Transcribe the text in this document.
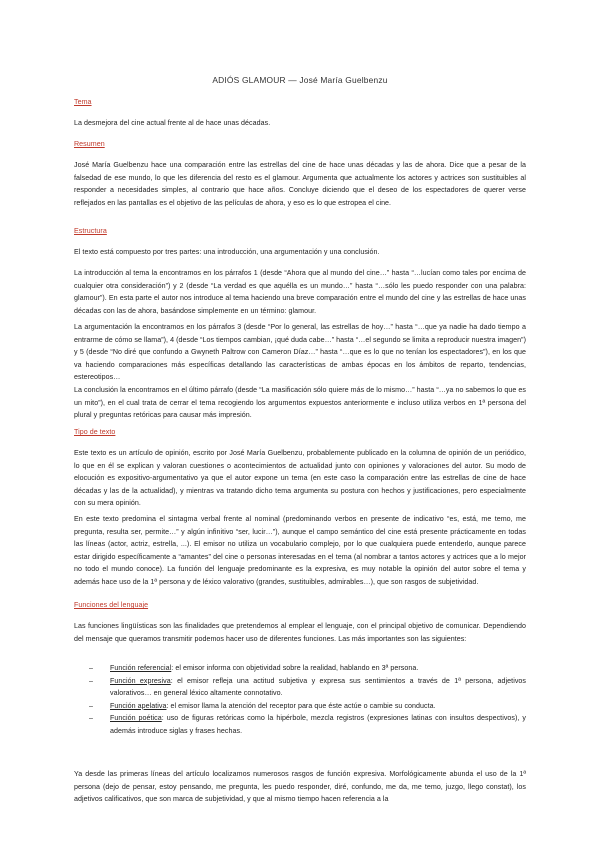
ADIÓS GLAMOUR — José María Guelbenzu
Tema

La desmejora del cine actual frente al de hace unas décadas.

Resumen

José María Guelbenzu hace una comparación entre las estrellas del cine de hace unas décadas y las de ahora. Dice que a pesar de la falsedad de ese mundo, lo que les diferencia del resto es el glamour. Argumenta que actualmente los actores y actrices son sustituibles al responder a necesidades simples, al contrario que hace años. Concluye diciendo que el deseo de los espectadores de querer verse reflejados en las pantallas es el objetivo de las películas de ahora, y eso es lo que estropea el cine.

Estructura

El texto está compuesto por tres partes: una introducción, una argumentación y una conclusión.

La introducción al tema la encontramos en los párrafos 1 (desde “Ahora que al mundo del cine…” hasta “…lucían como tales por encima de cualquier otra consideración”) y 2 (desde “La verdad es que aquélla es un mundo…” hasta “…sólo les puedo responder con una palabra: glamour”). En esta parte el autor nos introduce al tema haciendo una breve comparación entre el mundo del cine y las estrellas de hace unas décadas con las de ahora, basándose simplemente en un término: glamour.

La argumentación la encontramos en los párrafos 3 (desde “Por lo general, las estrellas de hoy…” hasta “…que ya nadie ha dado tiempo a entrarme de cómo se llama”), 4 (desde “Los tiempos cambian, ¡qué duda cabe…” hasta “…el segundo se limita a reproducir nuestra imagen”) y 5 (desde “No diré que confundo a Gwyneth Paltrow con Cameron Díaz…” hasta “…que es lo que no tenían los espectadores”), en los que va haciendo comparaciones más específicas detallando las características de ambas épocas en los ámbitos de reparto, tendencias, estereotipos…

La conclusión la encontramos en el último párrafo (desde “La masificación sólo quiere más de lo mismo…” hasta “…ya no sabemos lo que es un mito”), en el cual trata de cerrar el tema recogiendo los argumentos expuestos anteriormente e incluso utiliza verbos en 1ª persona del plural y preguntas retóricas para causar más impresión.

Tipo de texto

Este texto es un artículo de opinión, escrito por José María Guelbenzu, probablemente publicado en la columna de opinión de un periódico, lo que en él se explican y valoran cuestiones o acontecimientos de actualidad junto con opiniones y valoraciones del autor. Su modo de elocución es expositivo-argumentativo ya que el autor expone un tema (en este caso la comparación entre las estrellas de cine de hace décadas y las de la actualidad), y mientras va tratando dicho tema argumenta su postura con hechos y justificaciones, pero especialmente con su mera opinión.

En este texto predomina el sintagma verbal frente al nominal (predominando verbos en presente de indicativo “es, está, me temo, me pregunta, resulta ser, permite…” y algún infinitivo “ser, lucir…”), aunque el campo semántico del cine está presente prácticamente en todas las líneas (actor, actriz, estrella, ...). El emisor no utiliza un vocabulario complejo, por lo que cualquiera puede entenderlo, aunque parece estar dirigido específicamente a “amantes” del cine o personas interesadas en el tema (al nombrar a tantos actores y actrices que a lo mejor no todo el mundo conoce). La función del lenguaje predominante es la expresiva, es muy notable la opinión del autor sobre el tema y además hace uso de la 1ª persona y de léxico valorativo (grandes, sustituibles, admirables…), que son rasgos de subjetividad.

Funciones del lenguaje

Las funciones lingüísticas son las finalidades que pretendemos al emplear el lenguaje, con el principal objetivo de comunicar. Dependiendo del mensaje que queramos transmitir podemos hacer uso de diferentes funciones. Las más importantes son las siguientes:

– Función referencial: el emisor informa con objetividad sobre la realidad, hablando en 3ª persona.
– Función expresiva: el emisor refleja una actitud subjetiva y expresa sus sentimientos a través de 1ª persona, adjetivos valorativos… en general léxico altamente connotativo.
– Función apelativa: el emisor llama la atención del receptor para que éste actúe o cambie su conducta.
– Función poética: uso de figuras retóricas como la hipérbole, mezcla registros (expresiones latinas con insultos despectivos), y además introduce siglas y frases hechas.

Ya desde las primeras líneas del artículo localizamos numerosos rasgos de función expresiva. Morfológicamente abunda el uso de la 1ª persona (dejo de pensar, estoy pensando, me pregunta, les puedo responder, diré, confundo, me da, me temo, juzgo, llego constat), los adjetivos calificativos, que son marca de subjetividad, y que al mismo tiempo hacen referencia a la
